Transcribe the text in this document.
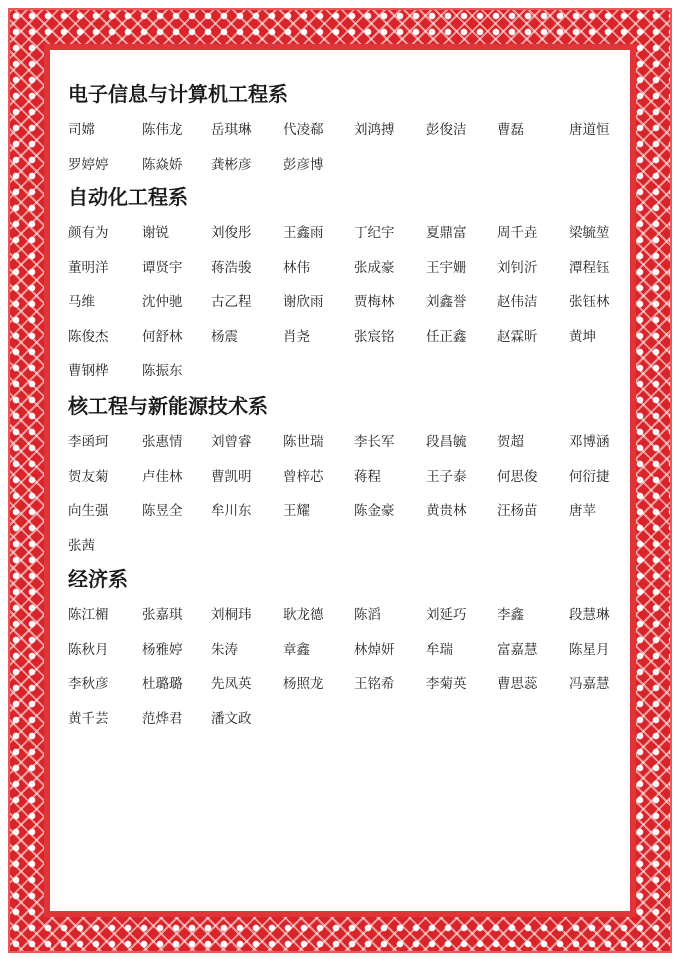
电子信息与计算机工程系
司嫦	陈伟龙 岳琪琳 代凌郗 刘鸿搏 彭俊洁 曹磊	唐道恒
罗婷婷 陈焱娇 龚彬彦 彭彦博
自动化工程系
颜有为 谢锐	刘俊彤 王鑫雨 丁纪宇 夏鼎富 周千垚 梁毓堃
董明洋 谭贤宇 蒋浩骏 林伟	张成豪 王宇姗 刘钊沂 潭程钰
马维	沈仲驰 古乙程 谢欣雨 贾梅林 刘鑫誉 赵伟洁 张钰林
陈俊杰 何舒林 杨震	肖尧	张宸铭 任正鑫 赵霖昕 黄坤
曹钢桦 陈振东
核工程与新能源技术系
李函珂 张惠情 刘曾睿 陈世瑞 李长军 段昌毓 贺超	邓博涵
贺友菊 卢佳林 曹凯明 曾梓芯 蒋程	王子泰 何思俊 何衍捷
向生强 陈昱全 牟川东 王耀	陈金豪 黄贵林 汪杨苗 唐苹
张茜
经济系
陈江楣 张嘉琪 刘桐玮 耿龙德 陈滔	刘延巧 李鑫	段慧琳
陈秋月 杨雅婷 朱涛	章鑫	林焯妍 牟瑞	富嘉慧 陈星月
李秋彦 杜璐璐 先凤英 杨照龙 王铭希 李菊英 曹思蕊 冯嘉慧
黄千芸 范烨君 潘文政
